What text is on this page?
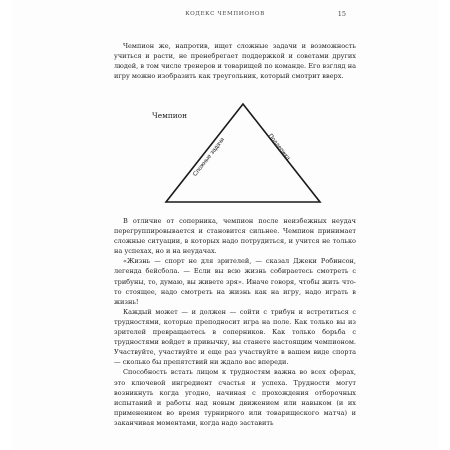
КОДЕКС ЧЕМПИОНОВ	15

Чемпион же, напротив, ищет сложные задачи и возможность учиться и расти, не пренебрегает поддержкой и советами других людей, в том числе тренеров и товарищей по команде. Его взгляд на игру можно изобразить как треугольник, который смотрит вверх.

Чемпион
Сложные задачи	Поддержка

В отличие от соперника, чемпион после неизбежных неудач перегруппировывается и становится сильнее. Чемпион принимает сложные ситуации, в которых надо потрудиться, и учится не только на успехах, но и на неудачах.

«Жизнь — спорт не для зрителей, — сказал Джеки Робинсон, легенда бейсбола. — Если вы всю жизнь собираетесь смотреть с трибуны, то, думаю, вы живете зря». Иначе говоря, чтобы жить что-то стоящее, надо смотреть на жизнь как на игру, надо играть в жизнь!

Каждый может — и должен — сойти с трибун и встретиться с трудностями, которые преподносит игра на поле. Как только вы из зрителей превращаетесь в соперников. Как только борьба с трудностями войдет в привычку, вы станете настоящим чемпионом. Участвуйте, участвуйте и еще раз участвуйте в вашем виде спорта — сколько бы препятствий ни ждало вас впереди.

Способность встать лицом к трудностям важна во всех сферах, это ключевой ингредиент счастья и успеха. Трудности могут возникнуть когда угодно, начиная с прохождения отборочных испытаний и работы над новым движением или навыком (и их применением во время турнирного или товарищеского матча) и заканчивая моментами, когда надо заставить
